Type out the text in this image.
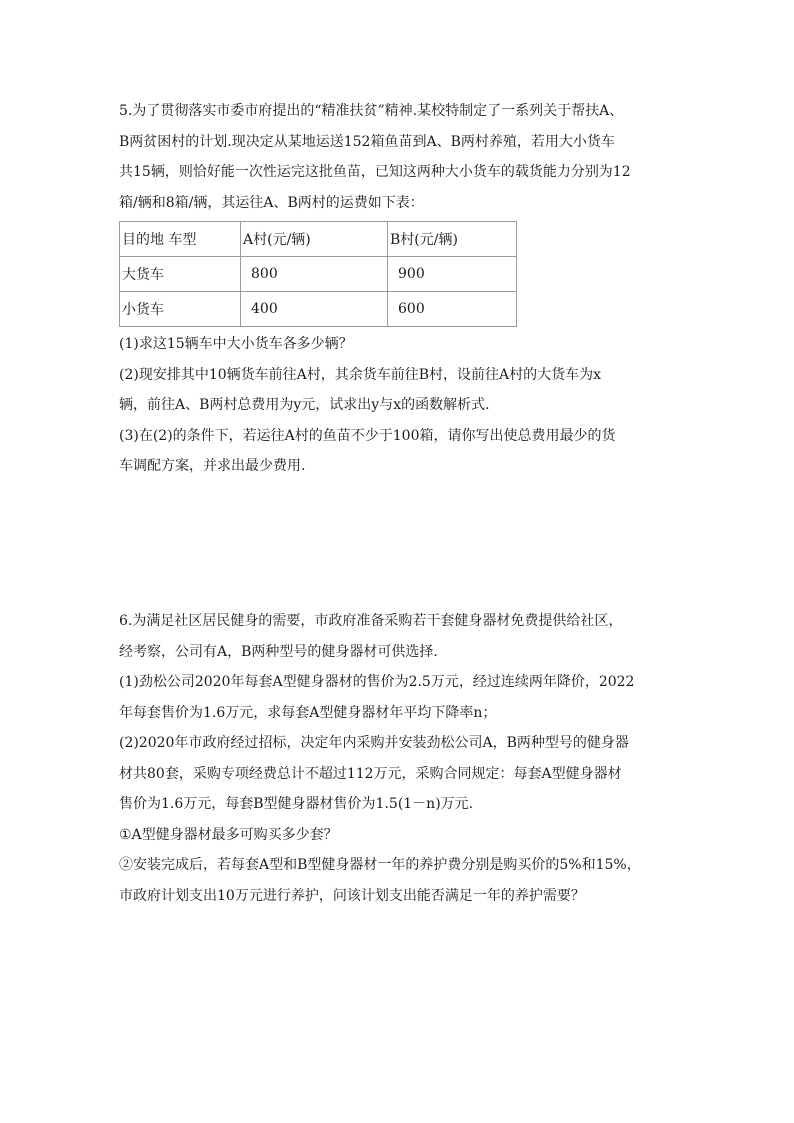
5.为了贯彻落实市委市府提出的“精准扶贫”精神.某校特制定了一系列关于帮扶A、
B两贫困村的计划.现决定从某地运送152箱鱼苗到A、B两村养殖，若用大小货车
共15辆，则恰好能一次性运完这批鱼苗，已知这两种大小货车的载货能力分别为12
箱/辆和8箱/辆，其运往A、B两村的运费如下表：
目的地 车型	A村(元/辆)	B村(元/辆)
大货车	800	900
小货车	400	600
(1)求这15辆车中大小货车各多少辆？
(2)现安排其中10辆货车前往A村，其余货车前往B村，设前往A村的大货车为x
辆，前往A、B两村总费用为y元，试求出y与x的函数解析式.
(3)在(2)的条件下，若运往A村的鱼苗不少于100箱，请你写出使总费用最少的货
车调配方案，并求出最少费用.
6.为满足社区居民健身的需要，市政府准备采购若干套健身器材免费提供给社区，
经考察，公司有A，B两种型号的健身器材可供选择.
(1)劲松公司2020年每套A型健身器材的售价为2.5万元，经过连续两年降价，2022
年每套售价为1.6万元，求每套A型健身器材年平均下降率n；
(2)2020年市政府经过招标，决定年内采购并安装劲松公司A，B两种型号的健身器
材共80套，采购专项经费总计不超过112万元，采购合同规定：每套A型健身器材
售价为1.6万元，每套B型健身器材售价为1.5(1－n)万元.
①A型健身器材最多可购买多少套？
②安装完成后，若每套A型和B型健身器材一年的养护费分别是购买价的5%和15%，
市政府计划支出10万元进行养护，问该计划支出能否满足一年的养护需要？
